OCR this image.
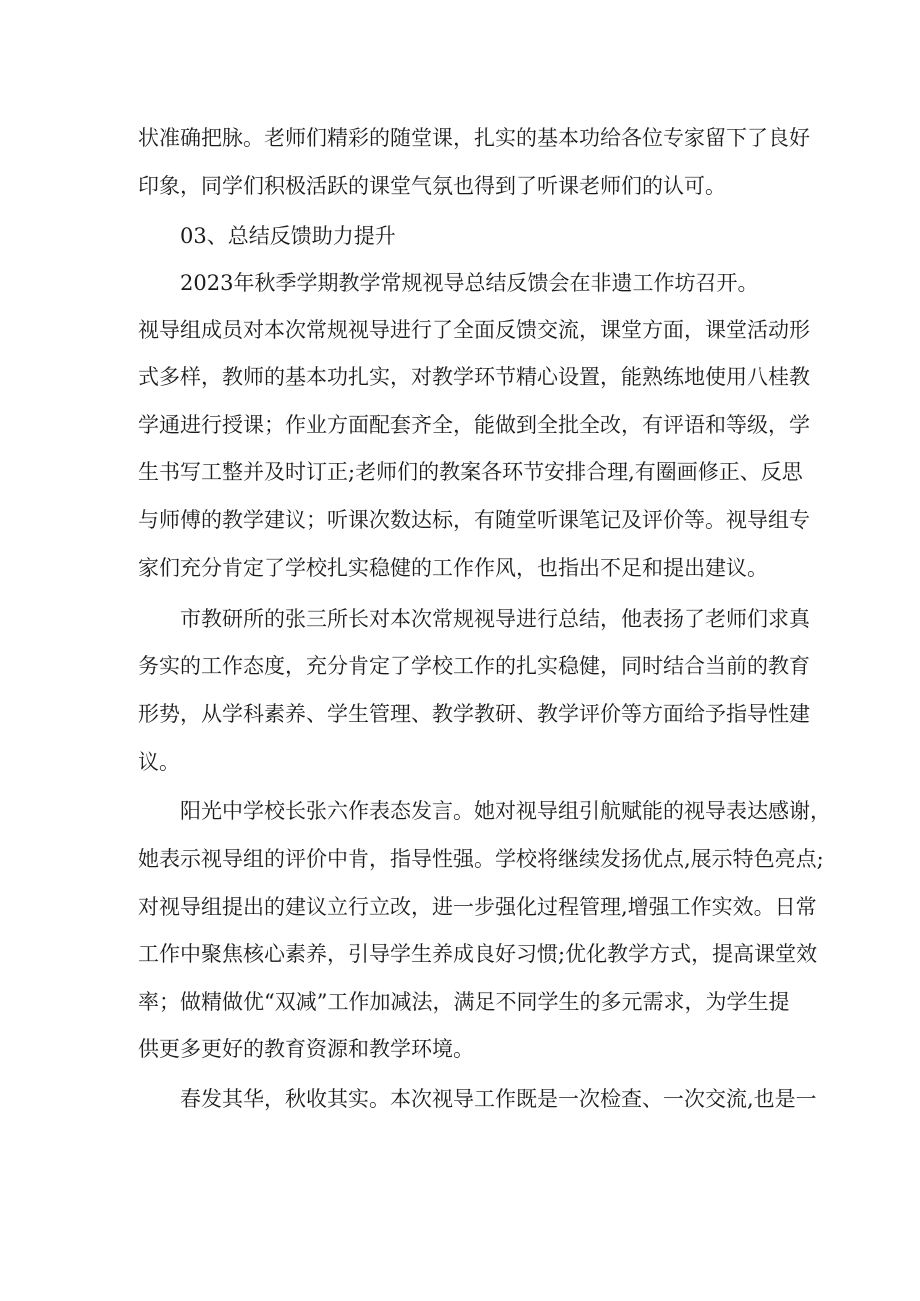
状准确把脉。老师们精彩的随堂课，扎实的基本功给各位专家留下了良好
印象，同学们积极活跃的课堂气氛也得到了听课老师们的认可。
03、总结反馈助力提升
2023年秋季学期教学常规视导总结反馈会在非遗工作坊召开。
视导组成员对本次常规视导进行了全面反馈交流，课堂方面，课堂活动形
式多样，教师的基本功扎实，对教学环节精心设置，能熟练地使用八桂教
学通进行授课；作业方面配套齐全，能做到全批全改，有评语和等级，学
生书写工整并及时订正;老师们的教案各环节安排合理,有圈画修正、反思
与师傅的教学建议；听课次数达标，有随堂听课笔记及评价等。视导组专
家们充分肯定了学校扎实稳健的工作作风，也指出不足和提出建议。
市教研所的张三所长对本次常规视导进行总结，他表扬了老师们求真
务实的工作态度，充分肯定了学校工作的扎实稳健，同时结合当前的教育
形势，从学科素养、学生管理、教学教研、教学评价等方面给予指导性建
议。
阳光中学校长张六作表态发言。她对视导组引航赋能的视导表达感谢，
她表示视导组的评价中肯，指导性强。学校将继续发扬优点,展示特色亮点;
对视导组提出的建议立行立改，进一步强化过程管理,增强工作实效。日常
工作中聚焦核心素养，引导学生养成良好习惯;优化教学方式，提高课堂效
率；做精做优“双减”工作加减法，满足不同学生的多元需求，为学生提
供更多更好的教育资源和教学环境。
春发其华，秋收其实。本次视导工作既是一次检查、一次交流,也是一
